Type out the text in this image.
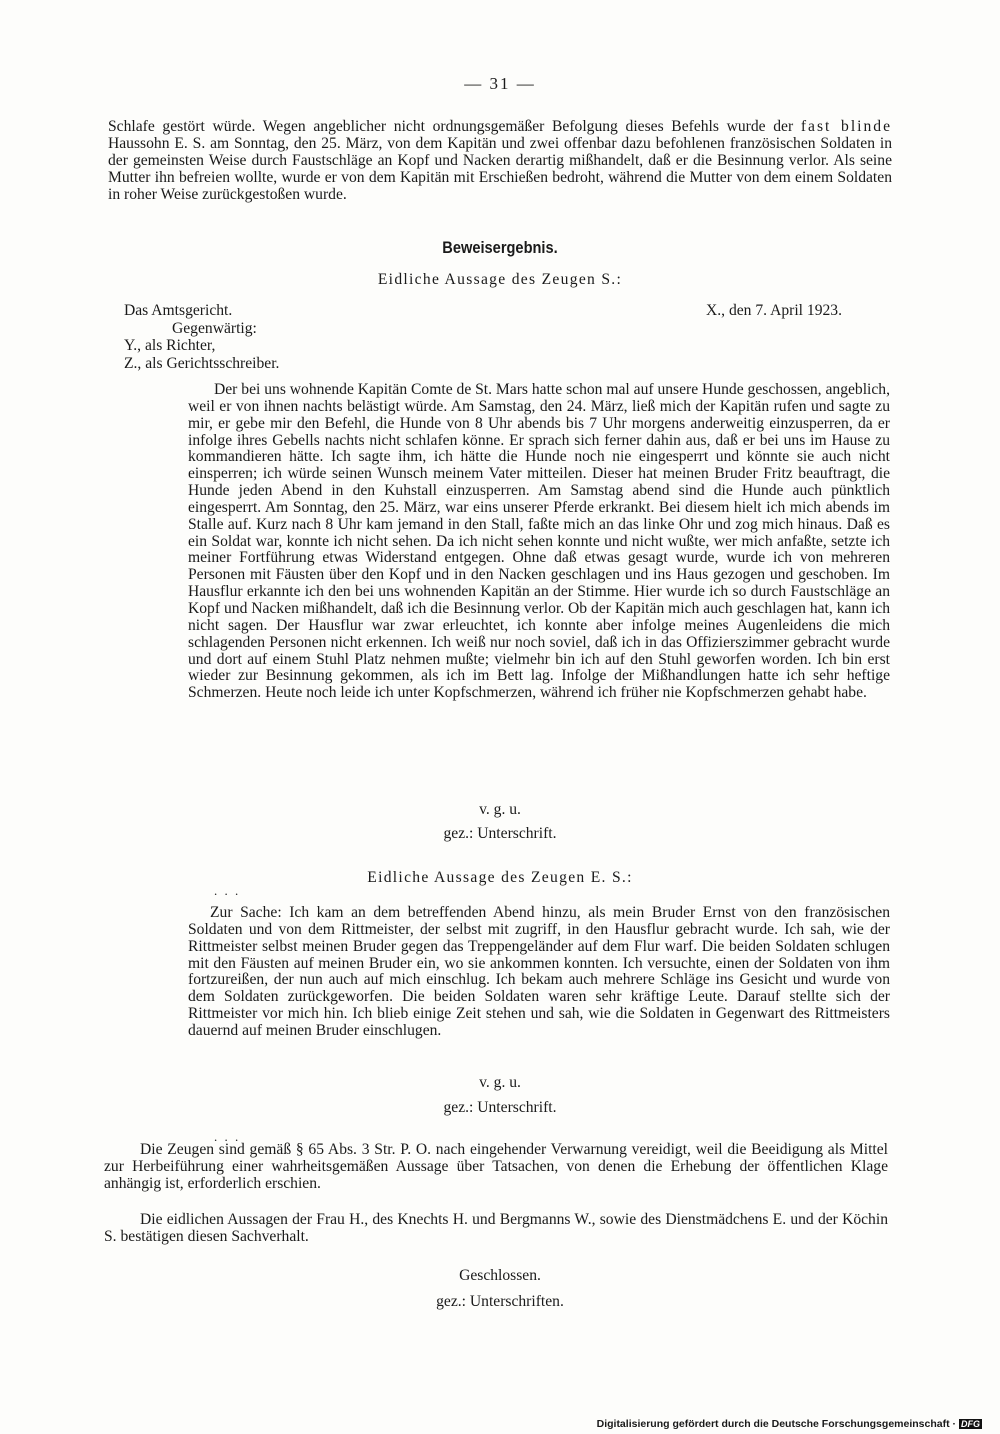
— 31 —
Schlafe gestört würde. Wegen angeblicher nicht ordnungsgemäßer Befolgung dieses Befehls wurde der fast blinde Haussohn E. S. am Sonntag, den 25. März, von dem Kapitän und zwei offenbar dazu befohlenen französischen Soldaten in der gemeinsten Weise durch Faustschläge an Kopf und Nacken derartig mißhandelt, daß er die Besinnung verlor. Als seine Mutter ihn befreien wollte, wurde er von dem Kapitän mit Erschießen bedroht, während die Mutter von dem einem Soldaten in roher Weise zurückgestoßen wurde.
Beweisergebnis.
Eidliche Aussage des Zeugen S.:
Das Amtsgericht.
Gegenwärtig:
Y., als Richter,
Z., als Gerichtsschreiber.
X., den 7. April 1923.

Der bei uns wohnende Kapitän Comte de St. Mars hatte schon mal auf unsere Hunde geschossen, angeblich, weil er von ihnen nachts belästigt würde. Am Samstag, den 24. März, ließ mich der Kapitän rufen und sagte zu mir, er gebe mir den Befehl, die Hunde von 8 Uhr abends bis 7 Uhr morgens anderweitig einzusperren, da er infolge ihres Gebells nachts nicht schlafen könne. Er sprach sich ferner dahin aus, daß er bei uns im Hause zu kommandieren hätte. Ich sagte ihm, ich hätte die Hunde noch nie eingesperrt und könnte sie auch nicht einsperren; ich würde seinen Wunsch meinem Vater mitteilen. Dieser hat meinen Bruder Fritz beauftragt, die Hunde jeden Abend in den Kuhstall einzusperren. Am Samstag abend sind die Hunde auch pünktlich eingesperrt. Am Sonntag, den 25. März, war eins unserer Pferde erkrankt. Bei diesem hielt ich mich abends im Stalle auf. Kurz nach 8 Uhr kam jemand in den Stall, faßte mich an das linke Ohr und zog mich hinaus. Daß es ein Soldat war, konnte ich nicht sehen. Da ich nicht sehen konnte und nicht wußte, wer mich anfaßte, setzte ich meiner Fortführung etwas Widerstand entgegen. Ohne daß etwas gesagt wurde, wurde ich von mehreren Personen mit Fäusten über den Kopf und in den Nacken geschlagen und ins Haus gezogen und geschoben. Im Hausflur erkannte ich den bei uns wohnenden Kapitän an der Stimme. Hier wurde ich so durch Faustschläge an Kopf und Nacken mißhandelt, daß ich die Besinnung verlor. Ob der Kapitän mich auch geschlagen hat, kann ich nicht sagen. Der Hausflur war zwar erleuchtet, ich konnte aber infolge meines Augenleidens die mich schlagenden Personen nicht erkennen. Ich weiß nur noch soviel, daß ich in das Offizierszimmer gebracht wurde und dort auf einem Stuhl Platz nehmen mußte; vielmehr bin ich auf den Stuhl geworfen worden. Ich bin erst wieder zur Besinnung gekommen, als ich im Bett lag. Infolge der Mißhandlungen hatte ich sehr heftige Schmerzen. Heute noch leide ich unter Kopfschmerzen, während ich früher nie Kopfschmerzen gehabt habe.

v. g. u.
gez.: Unterschrift.
Eidliche Aussage des Zeugen E. S.:
. . .

Zur Sache: Ich kam an dem betreffenden Abend hinzu, als mein Bruder Ernst von den französischen Soldaten und von dem Rittmeister, der selbst mit zugriff, in den Hausflur gebracht wurde. Ich sah, wie der Rittmeister selbst meinen Bruder gegen das Treppengeländer auf dem Flur warf. Die beiden Soldaten schlugen mit den Fäusten auf meinen Bruder ein, wo sie ankommen konnten. Ich versuchte, einen der Soldaten von ihm fortzureißen, der nun auch auf mich einschlug. Ich bekam auch mehrere Schläge ins Gesicht und wurde von dem Soldaten zurückgeworfen. Die beiden Soldaten waren sehr kräftige Leute. Darauf stellte sich der Rittmeister vor mich hin. Ich blieb einige Zeit stehen und sah, wie die Soldaten in Gegenwart des Rittmeisters dauernd auf meinen Bruder einschlugen.

v. g. u.
gez.: Unterschrift.
. . .

Die Zeugen sind gemäß § 65 Abs. 3 Str. P. O. nach eingehender Verwarnung vereidigt, weil die Beeidigung als Mittel zur Herbeiführung einer wahrheitsgemäßen Aussage über Tatsachen, von denen die Erhebung der öffentlichen Klage anhängig ist, erforderlich erschien.

Die eidlichen Aussagen der Frau H., des Knechts H. und Bergmanns W., sowie des Dienstmädchens E. und der Köchin S. bestätigen diesen Sachverhalt.

Geschlossen.
gez.: Unterschriften.
Digitalisierung gefördert durch die Deutsche Forschungsgemeinschaft · DFG
